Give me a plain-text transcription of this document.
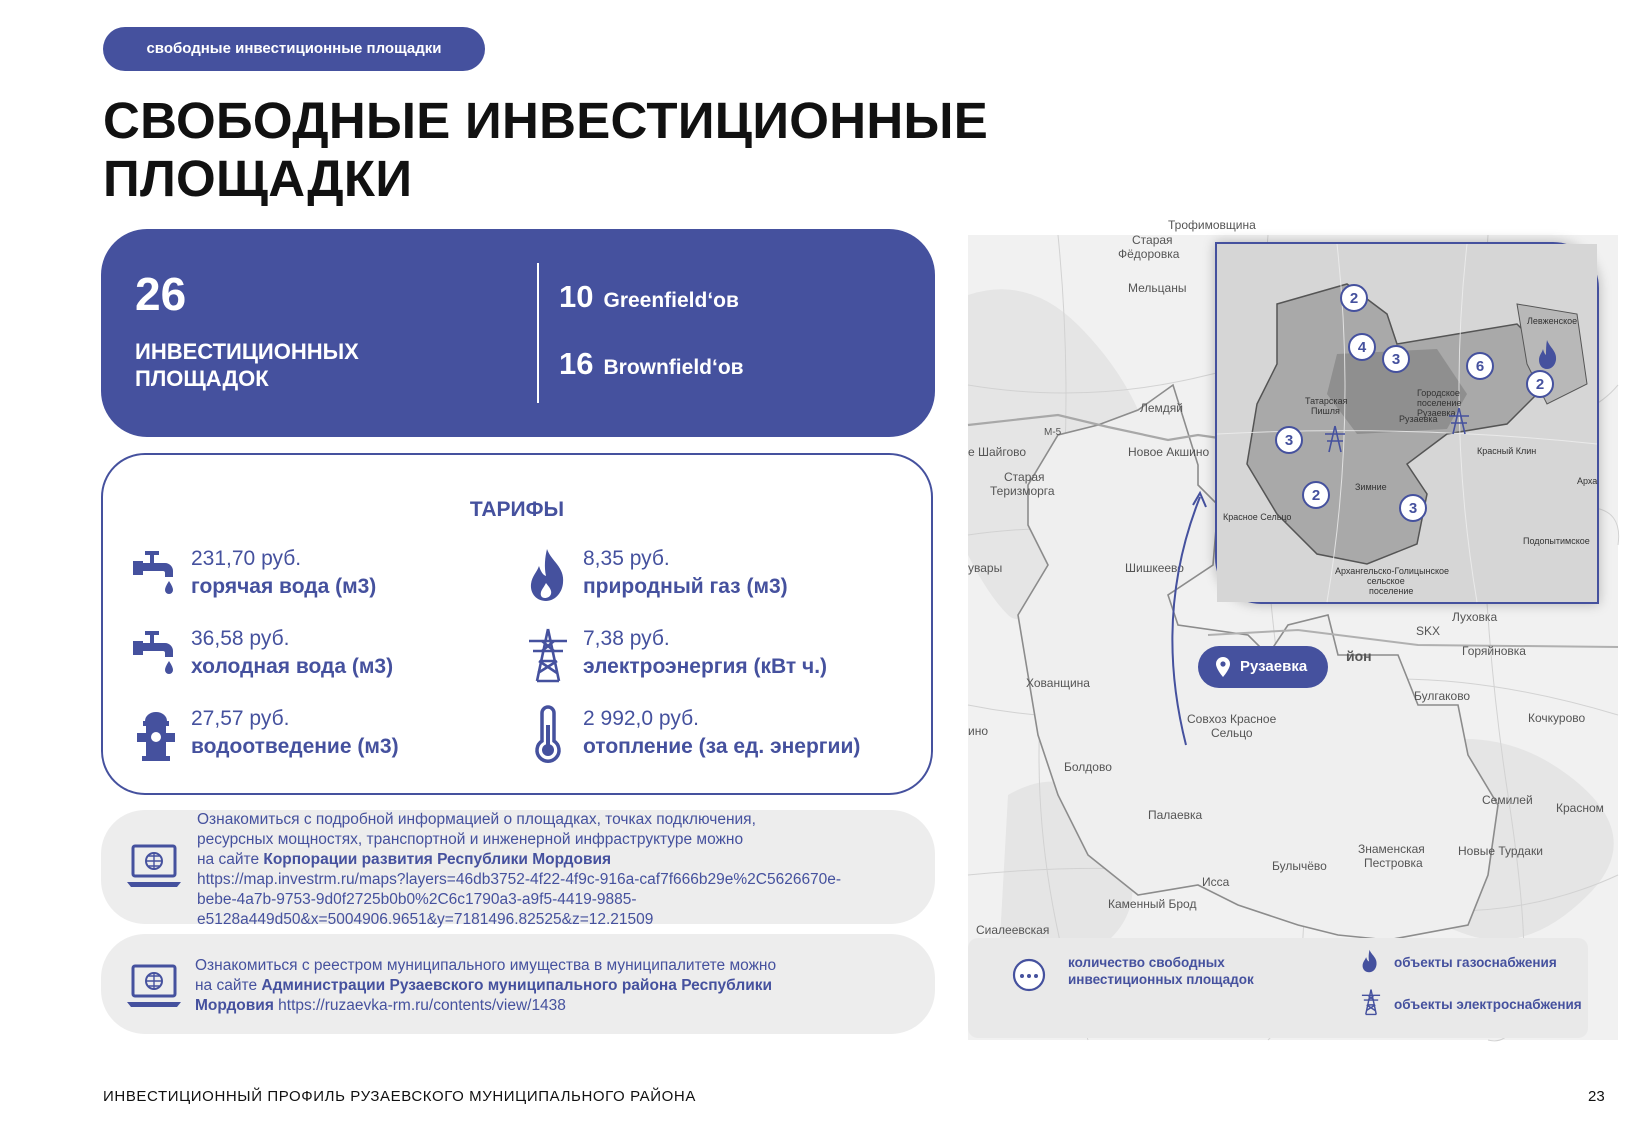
свободные инвестиционные площадки
СВОБОДНЫЕ ИНВЕСТИЦИОННЫЕ
ПЛОЩАДКИ
26
ИНВЕСТИЦИОННЫХ
ПЛОЩАДОК
10 Greenfield‘ов
16 Brownfield‘ов
ТАРИФЫ
231,70 руб.
горячая вода (м3)
8,35 руб.
природный газ (м3)
36,58 руб.
холодная вода (м3)
7,38 руб.
электроэнергия (кВт ч.)
27,57 руб.
водоотведение (м3)
2 992,0 руб.
отопление (за ед. энергии)
Ознакомиться с подробной информацией о площадках, точках подключения,
ресурсных мощностях, транспортной и инженерной инфраструктуре можно
на сайте Корпорации развития Республики Мордовия
https://map.investrm.ru/maps?layers=46db3752-4f22-4f9c-916a-caf7f666b29e%2C5626670e-
bebe-4a7b-9753-9d0f2725b0b0%2C6c1790a3-a9f5-4419-9885-
e5128a449d50&x=5004906.9651&y=7181496.82525&z=12.21509
Ознакомиться с реестром муниципального имущества в муниципалитете можно
на сайте Администрации Рузаевского муниципального района Республики
Мордовия https://ruzaevka-rm.ru/contents/view/1438
Трофимовщина
Старая
Фёдоровка
Мельцаны
Лемдяй
Новое Акшино
е Шайгово
Старая
Теризморга
увары	Шишкеево
Хованщина
Совхоз Красное
Сельцо
ино
Болдово
Палаевка
Исса
Каменный Брод
Сиалеевская
Луховка
Горяйновка
Булгаково
Кочкурово
Семилей
Красном
Знаменская
Пестровка
Новые Турдаки
Булычёво
SKX
йон
M-5
Рузаевка
Городское
поселение
Рузаевка
Татарская
Пишля
Красное Сельцо
Архангельско-Голицынское
сельское
поселение
Левженское
Красный Клин
Подопытимское
Арха
Зимние
2
4
3	6
2
3
2
3
Рузаевка
количество свободных
инвестиционных площадок
объекты газоснабжения
объекты электроснабжения
ИНВЕСТИЦИОННЫЙ ПРОФИЛЬ РУЗАЕВСКОГО МУНИЦИПАЛЬНОГО РАЙОНА	23
